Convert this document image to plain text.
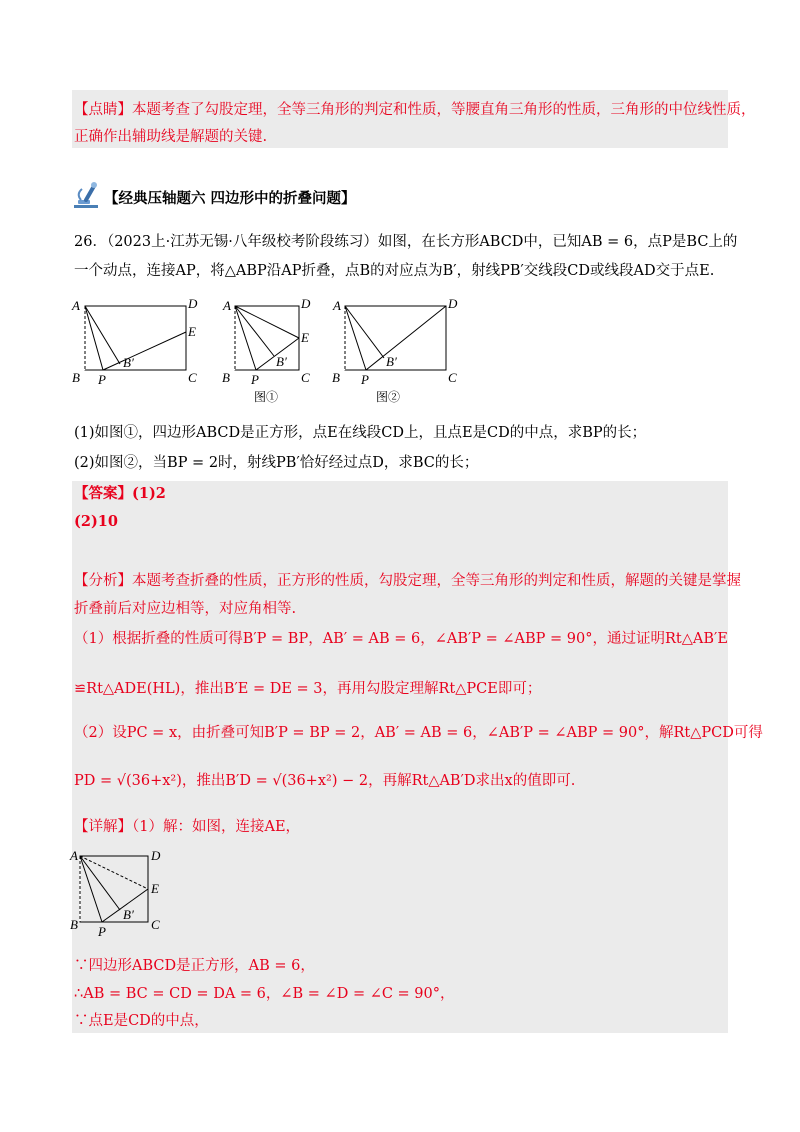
【点睛】本题考查了勾股定理，全等三角形的判定和性质，等腰直角三角形的性质，三角形的中位线性质，
正确作出辅助线是解题的关键.
【经典压轴题六 四边形中的折叠问题】
26．（2023上·江苏无锡·八年级校考阶段练习）如图，在长方形ABCD中，已知AB = 6，点P是BC上的
一个动点，连接AP，将△ABP沿AP折叠，点B的对应点为B′，射线PB′交线段CD或线段AD交于点E.
A	D
E
B′
B P	C
A	D
E
B′
B P	C
图①
A	D
B′
B P	C
图②
(1)如图①，四边形ABCD是正方形，点E在线段CD上，且点E是CD的中点，求BP的长；
(2)如图②，当BP = 2时，射线PB′恰好经过点D，求BC的长；
【答案】(1)2
(2)10
【分析】本题考查折叠的性质，正方形的性质，勾股定理，全等三角形的判定和性质，解题的关键是掌握
折叠前后对应边相等，对应角相等.
（1）根据折叠的性质可得B′P = BP，AB′ = AB = 6，∠AB′P = ∠ABP = 90°，通过证明Rt△AB′E
≌Rt△ADE(HL)，推出B′E = DE = 3，再用勾股定理解Rt△PCE即可；
（2）设PC = x，由折叠可知B′P = BP = 2，AB′ = AB = 6，∠AB′P = ∠ABP = 90°，解Rt△PCD可得
PD = √(36+x²)，推出B′D = √(36+x²) − 2，再解Rt△AB′D求出x的值即可.
【详解】（1）解：如图，连接AE，
A	D
E
B′
B P	C
∵四边形ABCD是正方形，AB = 6，
∴AB = BC = CD = DA = 6，∠B = ∠D = ∠C = 90°，
∵点E是CD的中点，
